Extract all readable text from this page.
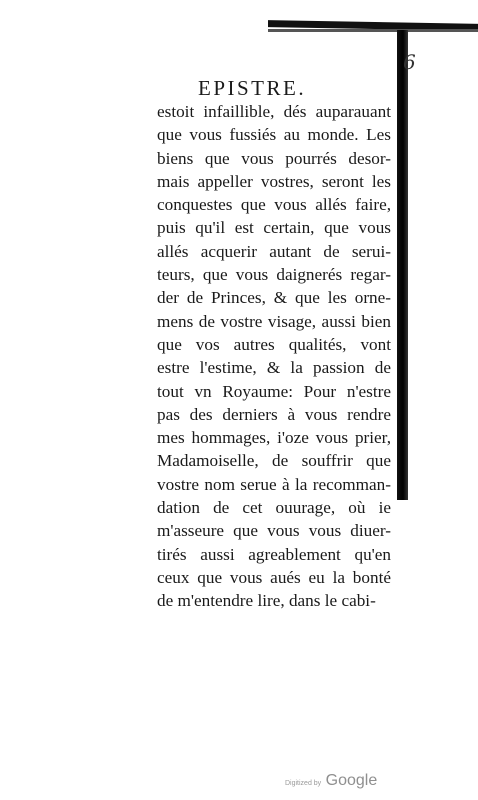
6
EPISTRE.
estoit infaillible, dés auparauant
que vous fussiés au monde. Les
biens que vous pourrés desor-
mais appeller vostres, seront les
conquestes que vous allés faire,
puis qu'il est certain, que vous
allés acquerir autant de serui-
teurs, que vous daignerés regar-
der de Princes, & que les orne-
mens de vostre visage, aussi bien
que vos autres qualités, vont
estre l'estime, & la passion de
tout vn Royaume: Pour n'estre
pas des derniers à vous rendre
mes hommages, i'oze vous prier,
Madamoiselle, de souffrir que
vostre nom serue à la recomman-
dation de cet ouurage, où ie
m'asseure que vous vous diuer-
tirés aussi agreablement qu'en
ceux que vous aués eu la bonté
de m'entendre lire, dans le cabi-
Digitized by Google
